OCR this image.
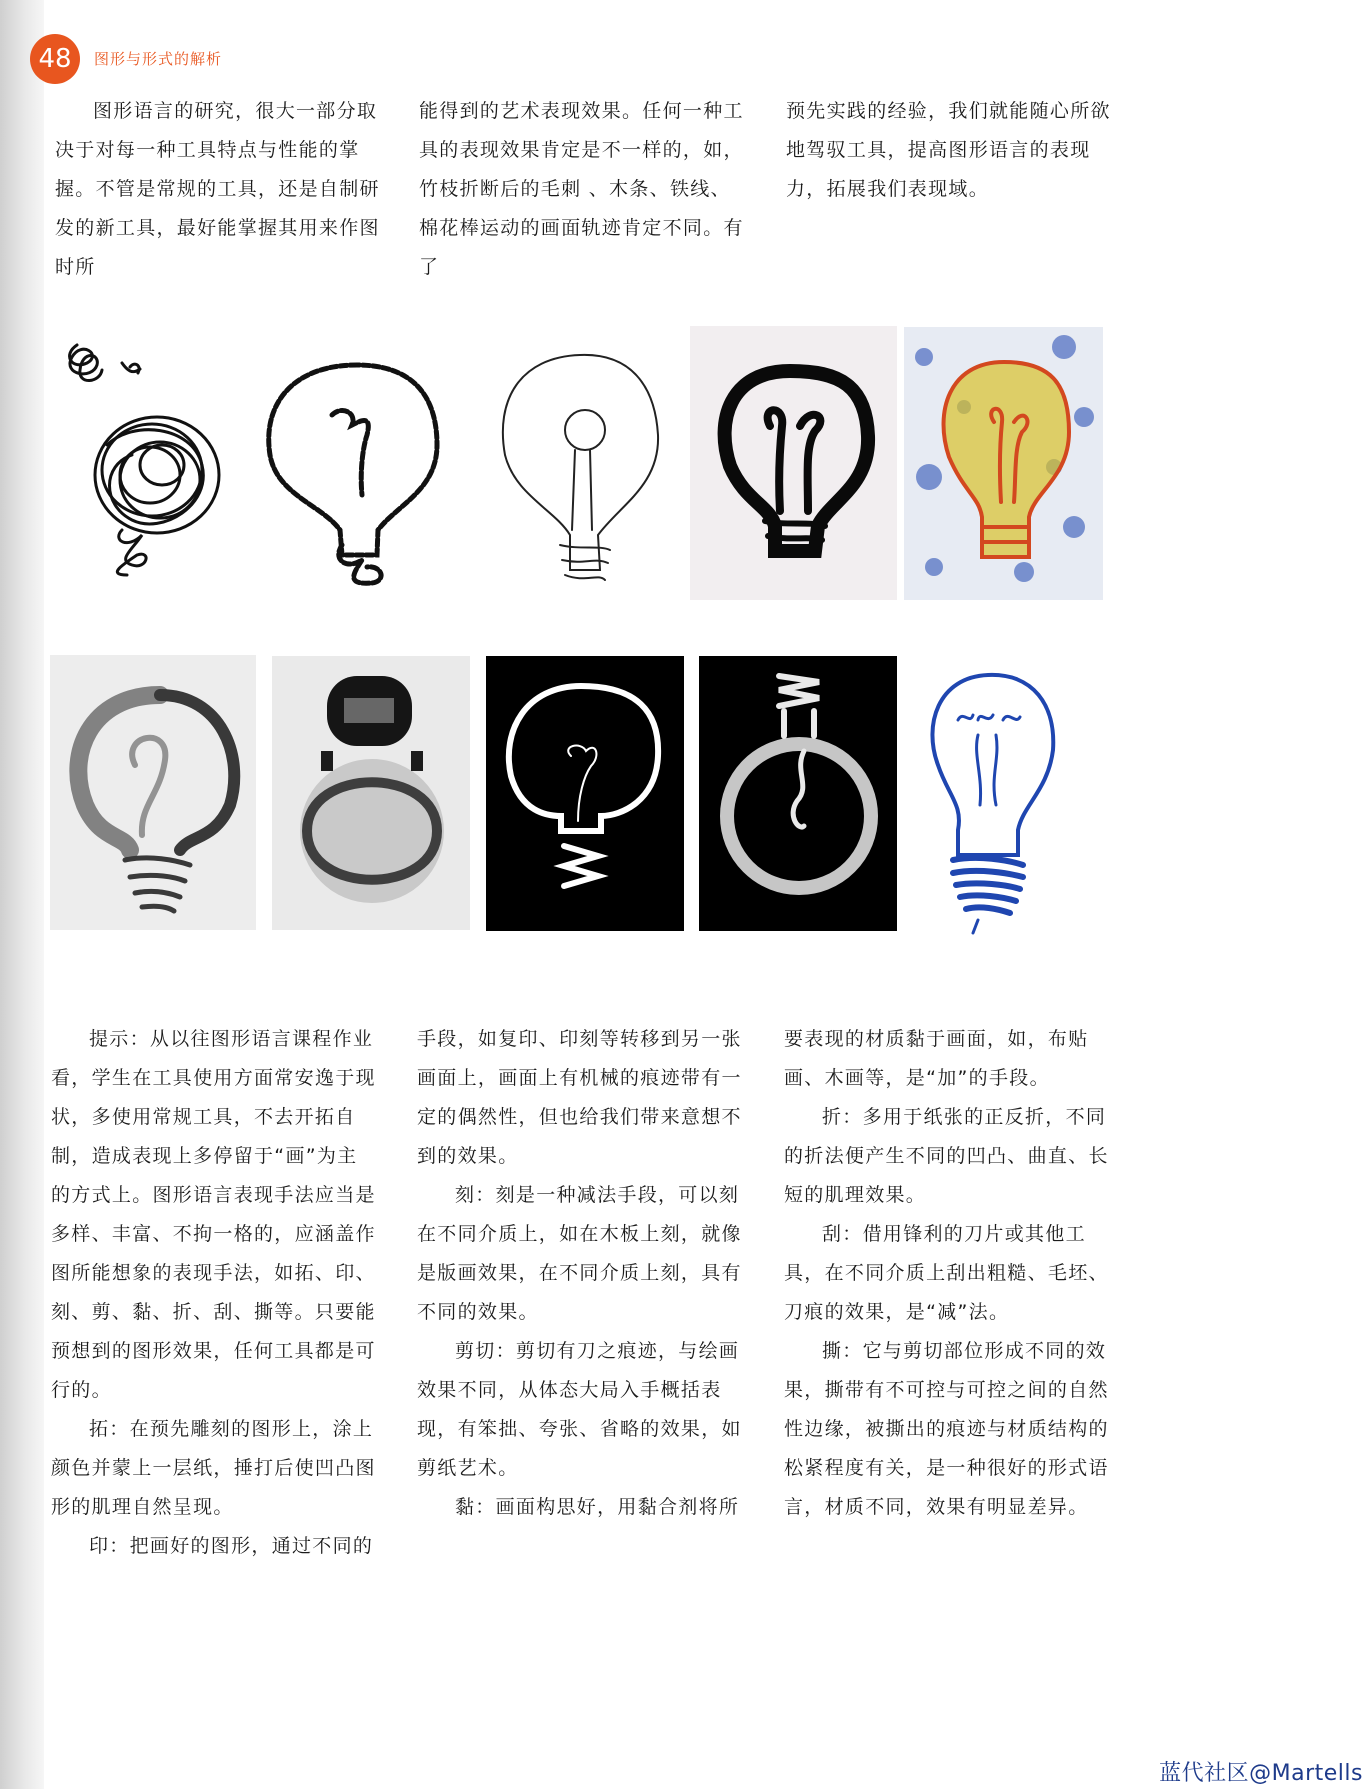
48	图形与形式的解析

图形语言的研究，很大一部分取决于对每一种工具特点与性能的掌握。不管是常规的工具，还是自制研发的新工具，最好能掌握其用来作图时所

能得到的艺术表现效果。任何一种工具的表现效果肯定是不一样的，如，竹枝折断后的毛刺 、木条、铁线、棉花棒运动的画面轨迹肯定不同。有了

预先实践的经验，我们就能随心所欲地驾驭工具，提高图形语言的表现力，拓展我们表现域。

提示：从以往图形语言课程作业看，学生在工具使用方面常安逸于现状，多使用常规工具，不去开拓自制，造成表现上多停留于“画”为主的方式上。图形语言表现手法应当是多样、丰富、不拘一格的，应涵盖作图所能想象的表现手法，如拓、印、刻、剪、黏、折、刮、撕等。只要能预想到的图形效果，任何工具都是可行的。

拓：在预先雕刻的图形上，涂上颜色并蒙上一层纸，捶打后使凹凸图形的肌理自然呈现。

印：把画好的图形，通过不同的

手段，如复印、印刻等转移到另一张画面上，画面上有机械的痕迹带有一定的偶然性，但也给我们带来意想不到的效果。

刻：刻是一种减法手段，可以刻在不同介质上，如在木板上刻，就像是版画效果，在不同介质上刻，具有不同的效果。

剪切：剪切有刀之痕迹，与绘画效果不同，从体态大局入手概括表现，有笨拙、夸张、省略的效果，如剪纸艺术。

黏：画面构思好，用黏合剂将所

要表现的材质黏于画面，如，布贴画、木画等，是“加”的手段。

折：多用于纸张的正反折，不同的折法便产生不同的凹凸、曲直、长短的肌理效果。

刮：借用锋利的刀片或其他工具，在不同介质上刮出粗糙、毛坯、刀痕的效果，是“减”法。

撕：它与剪切部位形成不同的效果，撕带有不可控与可控之间的自然性边缘，被撕出的痕迹与材质结构的松紧程度有关，是一种很好的形式语言，材质不同，效果有明显差异。

蓝代社区@Martells
